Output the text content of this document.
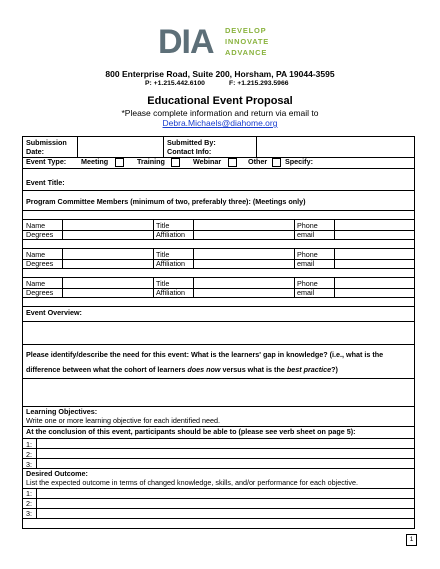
DIA DEVELOP
INNOVATE
ADVANCE
800 Enterprise Road, Suite 200, Horsham, PA 19044-3595
P: +1.215.442.6100	F: +1.215.293.5966
Educational Event Proposal
*Please complete information and return via email to
Debra.Michaels@diahome.org
Submission
Date:
Submitted By:
Contact Info:
Event Type: Meeting	Training	Webinar	Other Specify:
Event Title:
Program Committee Members (minimum of two, preferably three): (Meetings only)
Name	Title	Phone
Degrees	Affiliation	email
Name	Title	Phone
Degrees	Affiliation	email
Name	Title	Phone
Degrees	Affiliation	email
Event Overview:
Please identify/describe the need for this event: What is the learners' gap in knowledge? (i.e., what is the
difference between what the cohort of learners does now versus what is the best practice?)
Learning Objectives:
Write one or more learning objective for each identified need.
At the conclusion of this event, participants should be able to (please see verb sheet on page 5):
1:
2:
3:
Desired Outcome:
List the expected outcome in terms of changed knowledge, skills, and/or performance for each objective.
1:
2:
3:
1
